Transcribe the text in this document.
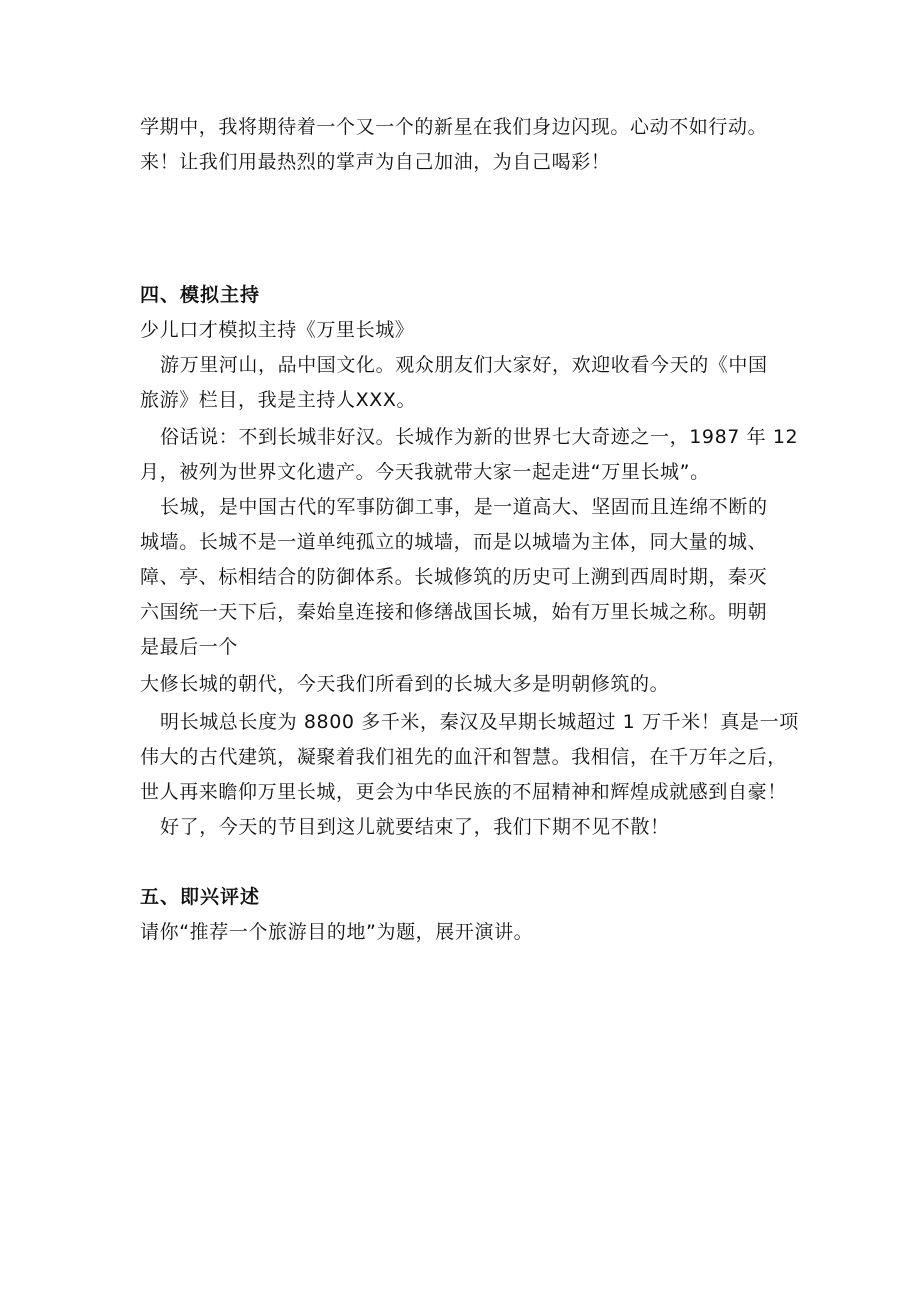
学期中，我将期待着一个又一个的新星在我们身边闪现。心动不如行动。
来！让我们用最热烈的掌声为自己加油，为自己喝彩！
四、模拟主持
少儿口才模拟主持《万里长城》
游万里河山，品中国文化。观众朋友们大家好，欢迎收看今天的《中国
旅游》栏目，我是主持人XXX。
俗话说：不到长城非好汉。长城作为新的世界七大奇迹之一，1987 年 12
月，被列为世界文化遗产。今天我就带大家一起走进“万里长城”。
长城，是中国古代的军事防御工事，是一道高大、坚固而且连绵不断的
城墙。长城不是一道单纯孤立的城墙，而是以城墙为主体，同大量的城、
障、亭、标相结合的防御体系。长城修筑的历史可上溯到西周时期，秦灭
六国统一天下后，秦始皇连接和修缮战国长城，始有万里长城之称。明朝
是最后一个
大修长城的朝代，今天我们所看到的长城大多是明朝修筑的。
明长城总长度为 8800 多千米，秦汉及早期长城超过 1 万千米！真是一项
伟大的古代建筑，凝聚着我们祖先的血汗和智慧。我相信，在千万年之后，
世人再来瞻仰万里长城，更会为中华民族的不屈精神和辉煌成就感到自豪！
好了，今天的节目到这儿就要结束了，我们下期不见不散！
五、即兴评述
请你“推荐一个旅游目的地”为题，展开演讲。
